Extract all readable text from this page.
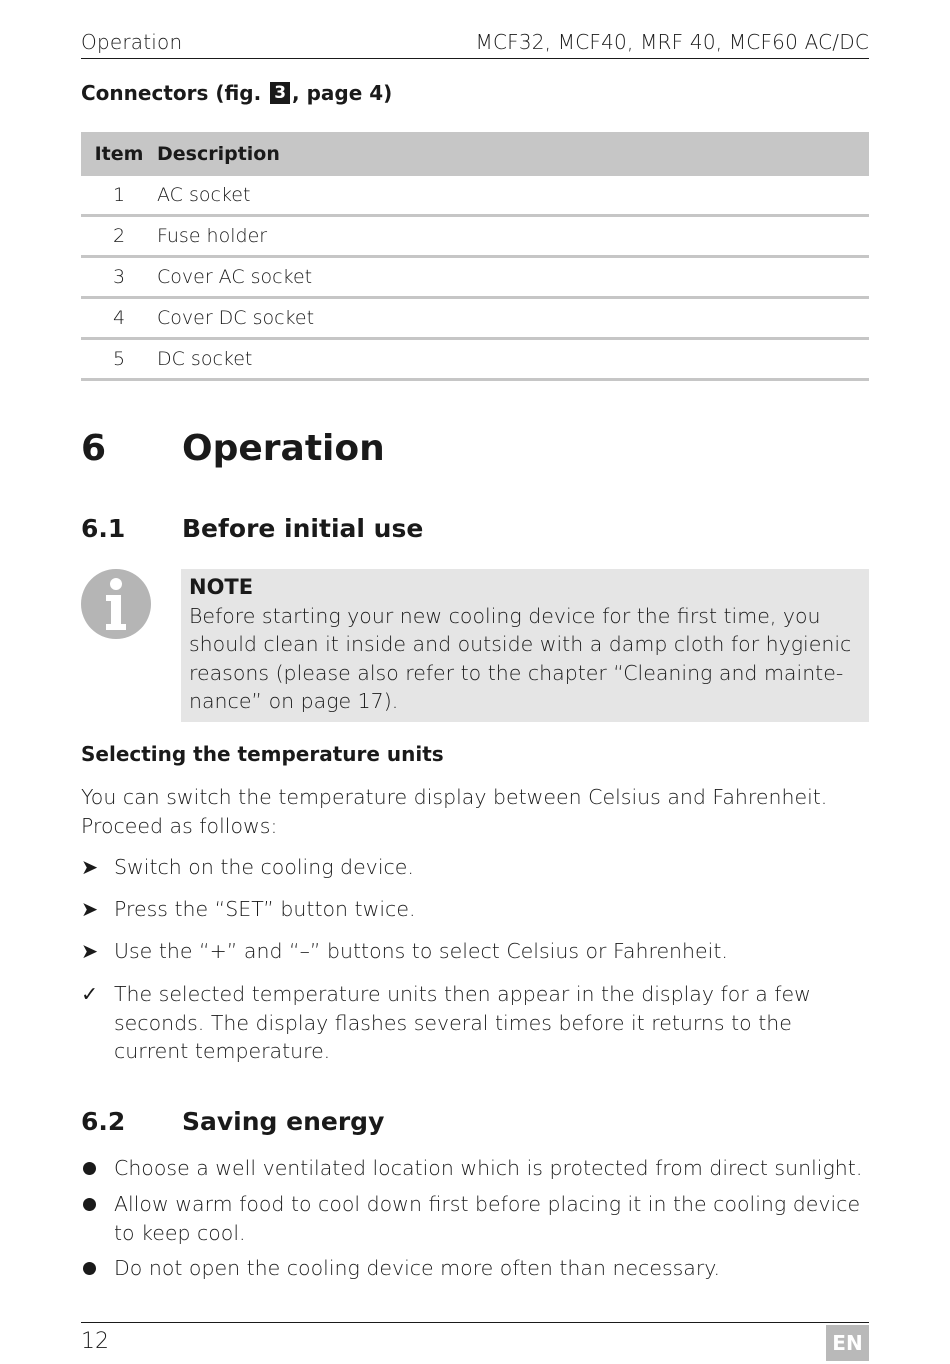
Operation	MCF32, MCF40, MRF 40, MCF60 AC/DC
Connectors (fig. 3 , page 4)
Item	Description
1	AC socket
2	Fuse holder
3	Cover AC socket
4	Cover DC socket
5	DC socket
6 Operation
6.1 Before initial use
NOTE
Before starting your new cooling device for the first time, you should clean it inside and outside with a damp cloth for hygienic reasons (please also refer to the chapter “Cleaning and mainte-nance” on page 17).
Selecting the temperature units
You can switch the temperature display between Celsius and Fahrenheit. Proceed as follows:
➤ Switch on the cooling device.
➤ Press the “SET” button twice.
➤ Use the “+” and “–” buttons to select Celsius or Fahrenheit.
✓ The selected temperature units then appear in the display for a few seconds. The display flashes several times before it returns to the current temperature.
6.2 Saving energy
Choose a well ventilated location which is protected from direct sunlight.
Allow warm food to cool down first before placing it in the cooling device to keep cool.
Do not open the cooling device more often than necessary.
12	EN
